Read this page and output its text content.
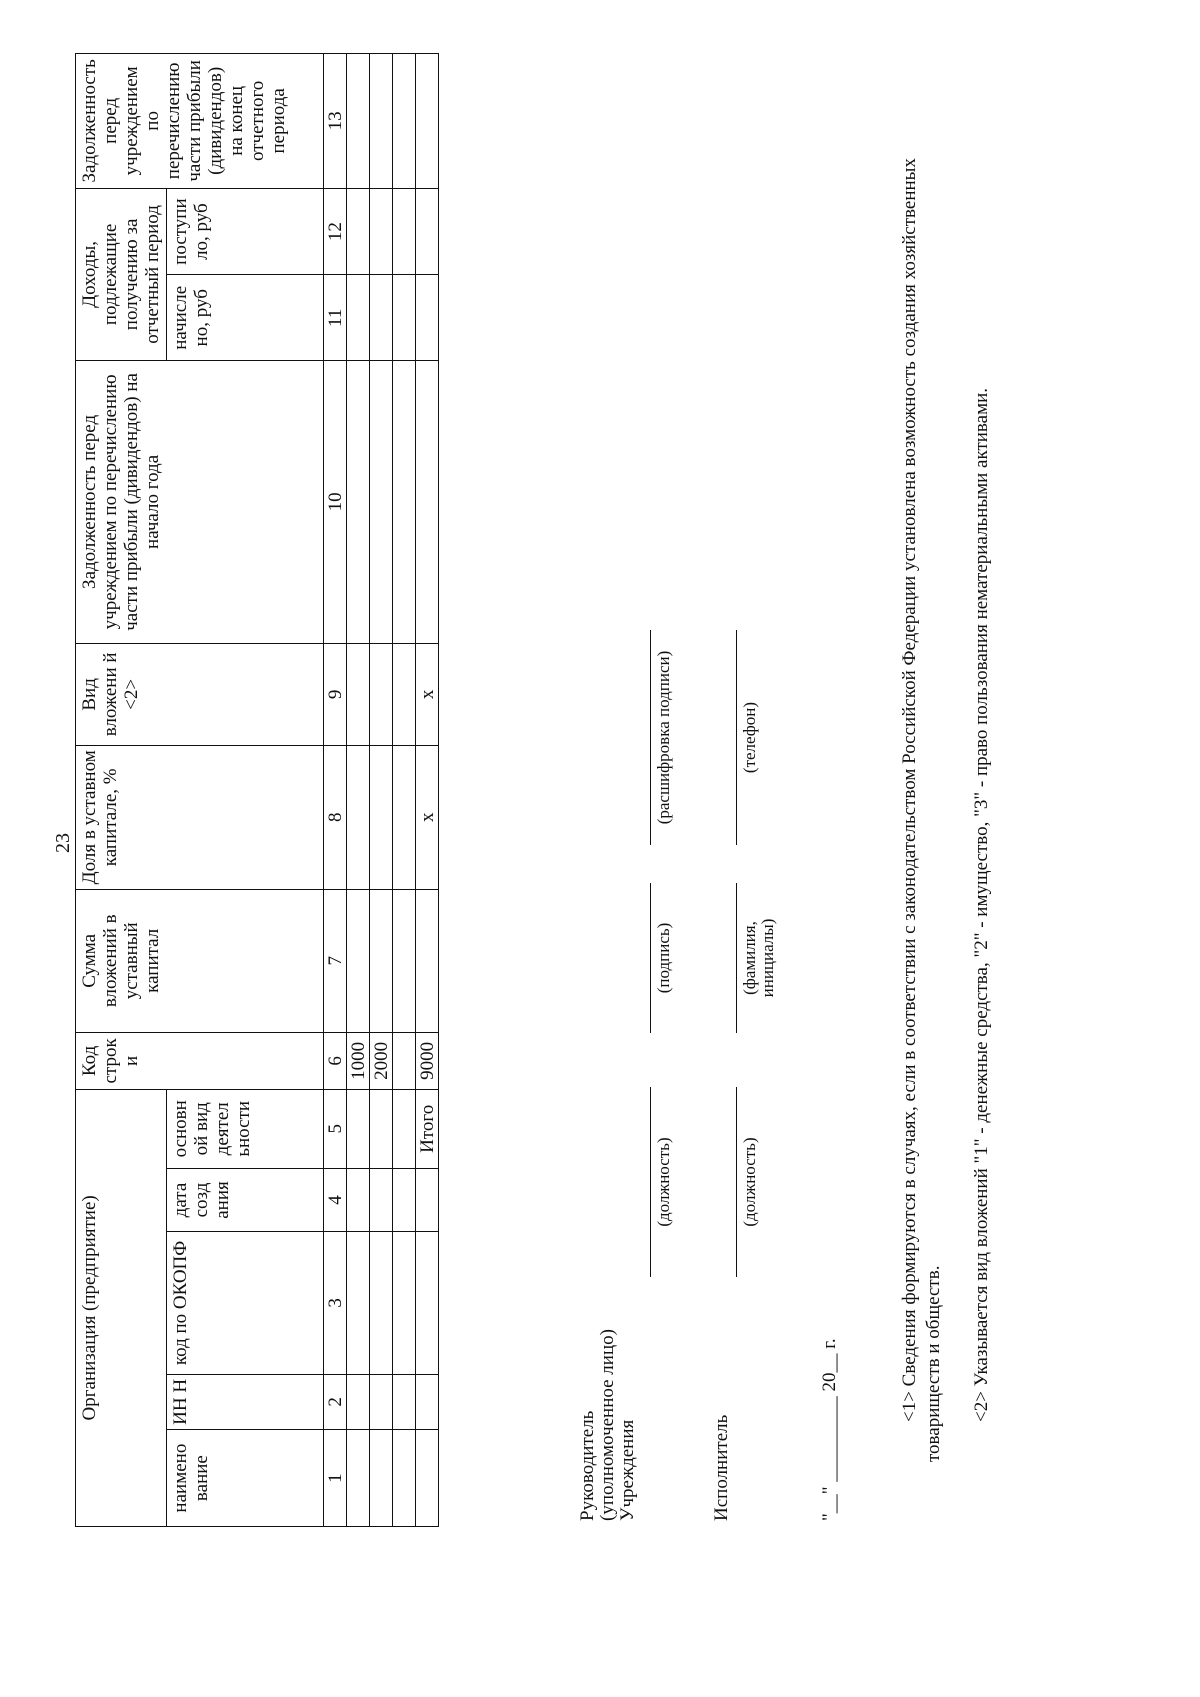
23
Организация (предприятие)					Код строк и	Сумма вложений в уставный капитал	Доля в уставном капитале, %	Вид вложени й <2>	Задолженность перед учреждением по перечислению части прибыли (дивидендов) на начало года	Доходы, подлежащие получению за отчетный период		Задолженность перед учреждением по перечислению части прибыли (дивидендов) на конец отчетного периода
наимено вание	ИН Н	код по ОКОПФ	дата созд ания	основн ой вид деятел ьности						начисле но, руб	поступи ло, руб	
1	2	3	4	5	6	7	8	9	10	11	12	13
					1000							
					2000							

				Итого	9000		x	x				
Руководитель (уполномоченное лицо) Учреждения
(должность)
(подпись)
(расшифровка подписи)
Исполнитель
(должность)
(фамилия, инициалы)
(телефон)
"__" _________ 20__ г.
<1> Сведения формируются в случаях, если в соответствии с законодательством Российской Федерации установлена возможность создания хозяйственных товариществ и обществ. <2> Указывается вид вложений "1" - денежные средства, "2" - имущество, "3" - право пользования нематериальными активами.
